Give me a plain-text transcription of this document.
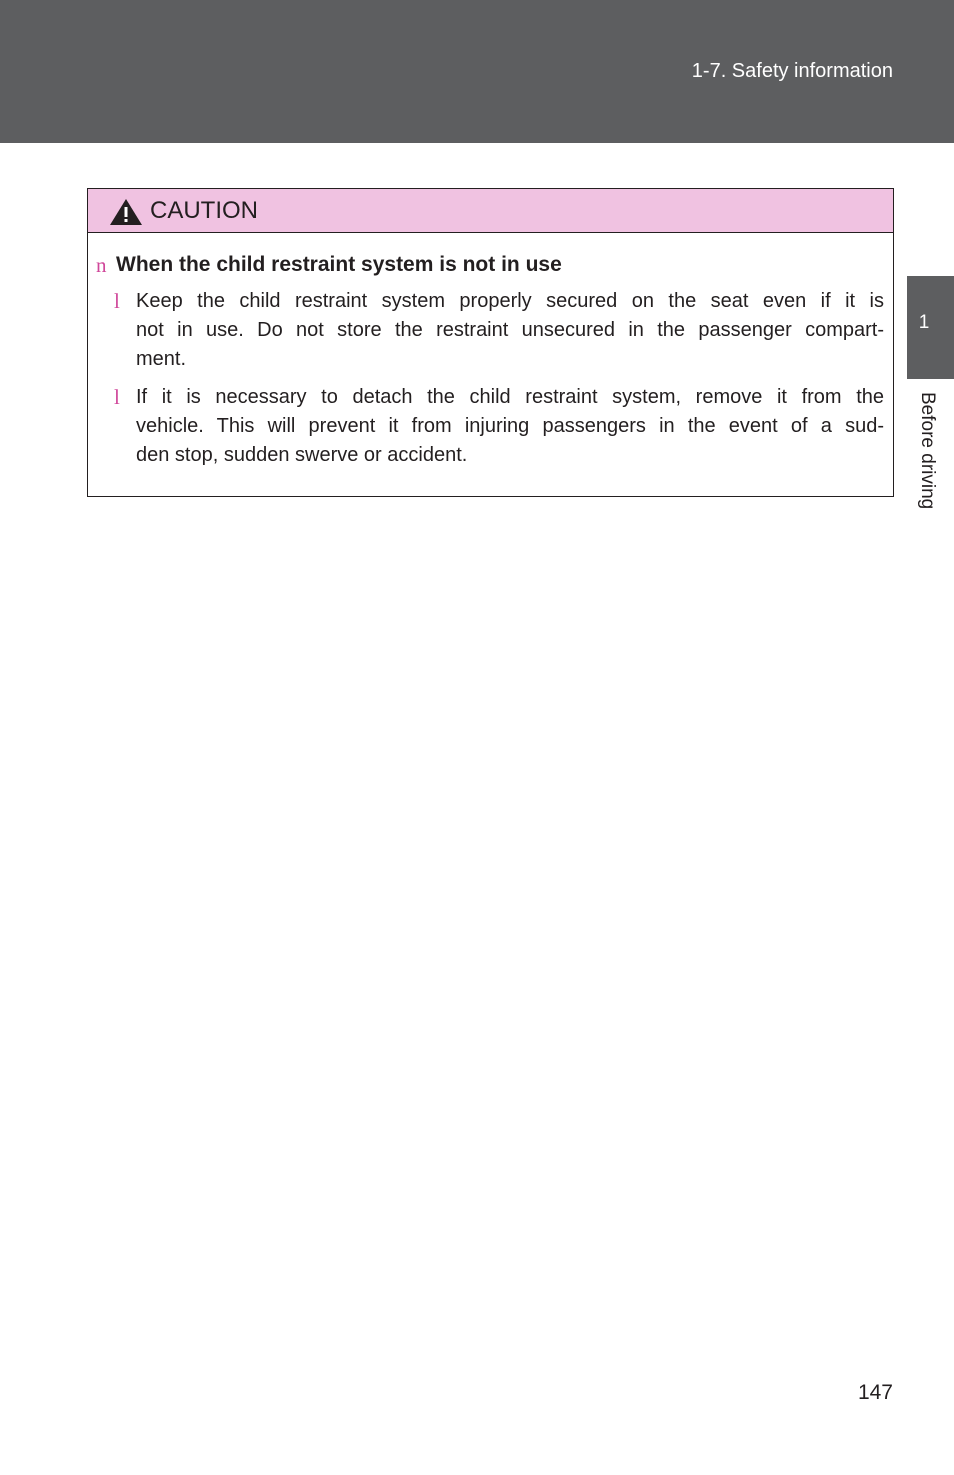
1-7. Safety information
1
Before driving
CAUTION
n When the child restraint system is not in use
l Keep the child restraint system properly secured on the seat even if it is
not in use. Do not store the restraint unsecured in the passenger compart-
ment.
l If it is necessary to detach the child restraint system, remove it from the
vehicle. This will prevent it from injuring passengers in the event of a sud-
den stop, sudden swerve or accident.
147
